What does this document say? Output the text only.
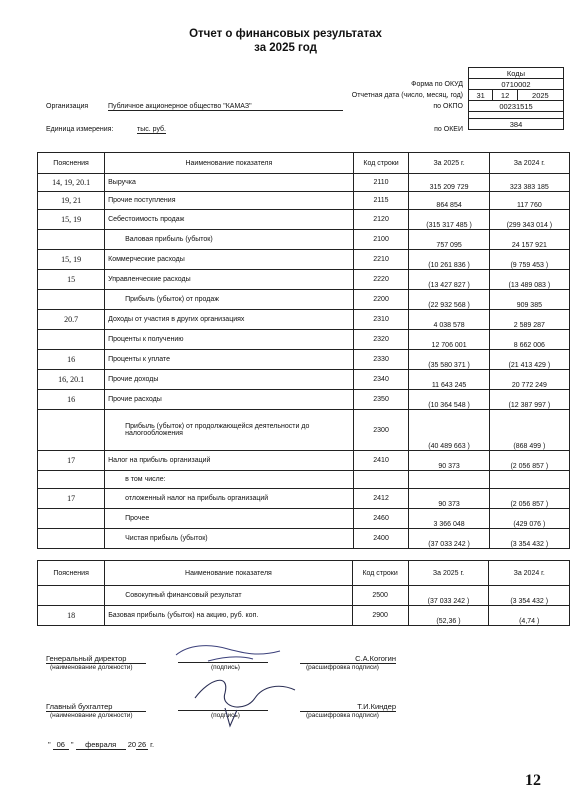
Отчет о финансовых результатах
за 2025 год
Коды
0710002
31	12	2025
00231515

384
Форма по ОКУД
Отчетная дата (число, месяц, год)
Организация	Публичное акционерное общество "КАМАЗ"	по ОКПО
Единица измерения:	тыс. руб.	по ОКЕИ
Пояснения	Наименование показателя	Код строки	За 2025 г.	За 2024 г.
14, 19, 20.1	Выручка	2110	315 209 729	323 383 185
19, 21	Прочие поступления	2115	864 854	117 760
15, 19	Себестоимость продаж	2120	(315 317 485 )	(299 343 014 )
	Валовая прибыль (убыток)	2100	757 095	24 157 921
15, 19	Коммерческие расходы	2210	(10 261 836 )	(9 759 453 )
15	Управленческие расходы	2220	(13 427 827 )	(13 489 083 )
	Прибыль (убыток) от продаж	2200	(22 932 568 )	909 385
20.7	Доходы от участия в других организациях	2310	4 038 578	2 589 287
	Проценты к получению	2320	12 706 001	8 662 006
16	Проценты к уплате	2330	(35 580 371 )	(21 413 429 )
16, 20.1	Прочие доходы	2340	11 643 245	20 772 249
16	Прочие расходы	2350	(10 364 548 )	(12 387 997 )
	Прибыль (убыток) от продолжающейся деятельности до налогообложения	2300	(40 489 663 )	(868 499 )
17	Налог на прибыль организаций	2410	90 373	(2 056 857 )
	в том числе:			
17	отложенный налог на прибыль организаций	2412	90 373	(2 056 857 )
	Прочее	2460	3 366 048	(429 076 )
	Чистая прибыль (убыток)	2400	(37 033 242 )	(3 354 432 )
Пояснения	Наименование показателя	Код строки	За 2025 г.	За 2024 г.
	Совокупный финансовый результат	2500	(37 033 242 )	(3 354 432 )
18	Базовая прибыль (убыток) на акцию, руб. коп.	2900	(52,36 )	(4,74 )
Генеральный директор
(наименование должности)	(подпись)
С.А.Когогин
(расшифровка подписи)
Главный бухгалтер
(наименование должности)	(подпись)
Т.И.Киндер
(расшифровка подписи)
" 06 " февраля 20 26 г.
12
